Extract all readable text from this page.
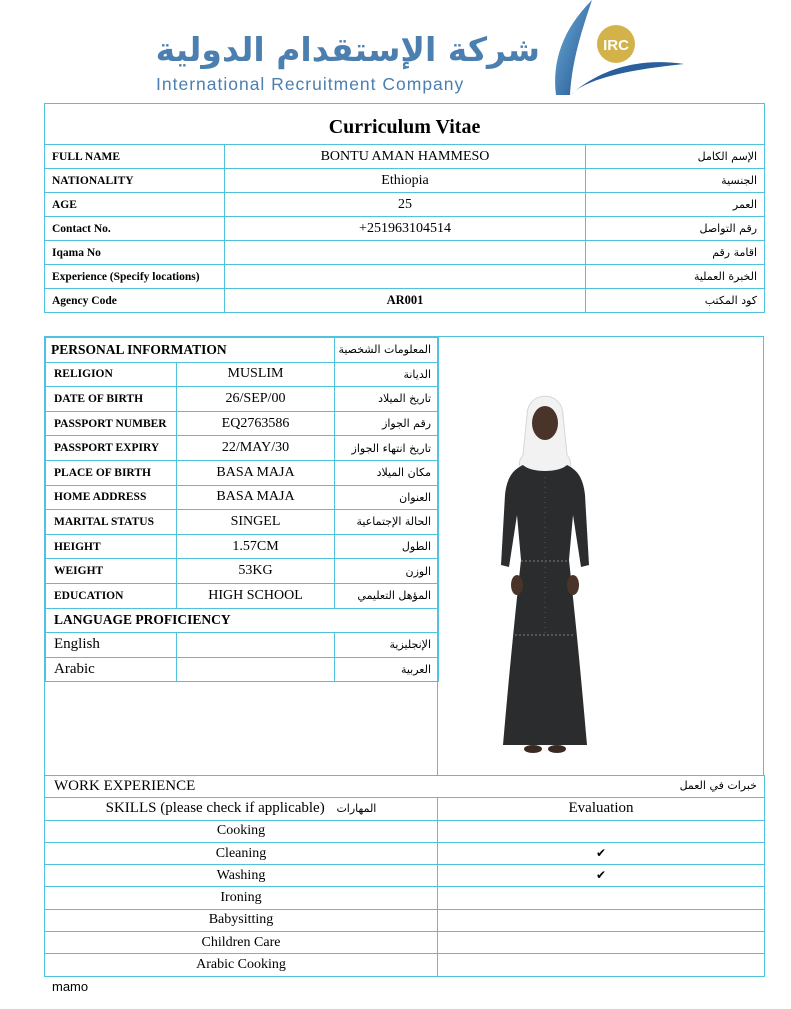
شركة الإستقدام الدولية
International Recruitment Company
IRC
Curriculum Vitae		
FULL NAME	BONTU AMAN HAMMESO	الإسم الكامل
NATIONALITY	Ethiopia	الجنسية
AGE	25	العمر
Contact No.	+251963104514	رقم التواصل
Iqama No		اقامة رقم
Experience (Specify locations)		الخبرة العملية
Agency Code	AR001	كود المكتب
PERSONAL INFORMATION		المعلومات الشخصية
RELIGION	MUSLIM	الديانة
DATE OF BIRTH	26/SEP/00	تاريخ الميلاد
PASSPORT NUMBER	EQ2763586	رقم الجواز
PASSPORT EXPIRY	22/MAY/30	تاريخ انتهاء الجواز
PLACE OF BIRTH	BASA MAJA	مكان الميلاد
HOME ADDRESS	BASA MAJA	العنوان
MARITAL STATUS	SINGEL	الحالة الإجتماعية
HEIGHT	1.57CM	الطول
WEIGHT	53KG	الوزن
EDUCATION	HIGH SCHOOL	المؤهل التعليمي
LANGUAGE PROFICIENCY		
English		الإنجليزية
Arabic		العربية
WORK EXPERIENCE خبرات في العمل	

SKILLS (please check if applicable) المهارات	Evaluation
Cooking	
Cleaning	✔
Washing	✔
Ironing	
Babysitting	
Children Care	
Arabic Cooking	
mamo
